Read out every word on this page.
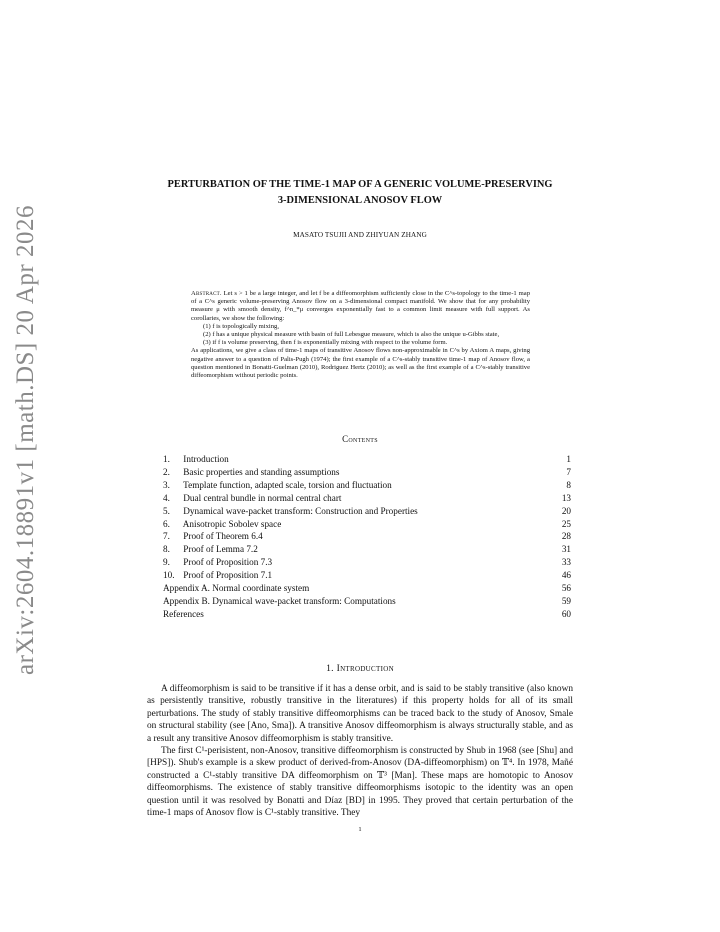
arXiv:2604.18891v1 [math.DS] 20 Apr 2026
PERTURBATION OF THE TIME-1 MAP OF A GENERIC VOLUME-PRESERVING
3-DIMENSIONAL ANOSOV FLOW
MASATO TSUJII AND ZHIYUAN ZHANG

Abstract. Let s > 1 be a large integer, and let f be a diffeomorphism sufficiently close in the C^s-topology to the time-1 map of a C^s generic volume-preserving Anosov flow on a 3-dimensional compact manifold. We show that for any probability measure μ with smooth density, f^n_*μ converges exponentially fast to a common limit measure with full support. As corollaries, we show the following:

(1) f is topologically mixing,
(2) f has a unique physical measure with basin of full Lebesgue measure, which is also the unique u-Gibbs state,
(3) if f is volume preserving, then f is exponentially mixing with respect to the volume form.

As applications, we give a class of time-1 maps of transitive Anosov flows non-approximable in C^s by Axiom A maps, giving negative answer to a question of Palis-Pugh (1974); the first example of a C^s-stably transitive time-1 map of Anosov flow, a question mentioned in Bonatti-Guelman (2010), Rodriguez Hertz (2010); as well as the first example of a C^s-stably transitive diffeomorphism without periodic points.

Contents
1. Introduction	1
2. Basic properties and standing assumptions	7
3. Template function, adapted scale, torsion and fluctuation	8
4. Dual central bundle in normal central chart	13
5. Dynamical wave-packet transform: Construction and Properties	20
6. Anisotropic Sobolev space	25
7. Proof of Theorem 6.4	28
8. Proof of Lemma 7.2	31
9. Proof of Proposition 7.3	33
10. Proof of Proposition 7.1	46
Appendix A. Normal coordinate system	56
Appendix B. Dynamical wave-packet transform: Computations	59
References	60
1. Introduction

A diffeomorphism is said to be transitive if it has a dense orbit, and is said to be stably transitive (also known as persistently transitive, robustly transitive in the literatures) if this property holds for all of its small perturbations. The study of stably transitive diffeomorphisms can be traced back to the study of Anosov, Smale on structural stability (see [Ano, Sma]). A transitive Anosov diffeomorphism is always structurally stable, and as a result any transitive Anosov diffeomorphism is stably transitive.

The first C¹-perisistent, non-Anosov, transitive diffeomorphism is constructed by Shub in 1968 (see [Shu] and [HPS]). Shub's example is a skew product of derived-from-Anosov (DA-diffeomorphism) on 𝕋⁴. In 1978, Mañé constructed a C¹-stably transitive DA diffeomorphism on 𝕋³ [Man]. These maps are homotopic to Anosov diffeomorphisms. The existence of stably transitive diffeomorphisms isotopic to the identity was an open question until it was resolved by Bonatti and Díaz [BD] in 1995. They proved that certain perturbation of the time-1 maps of Anosov flow is C¹-stably transitive. They

1
